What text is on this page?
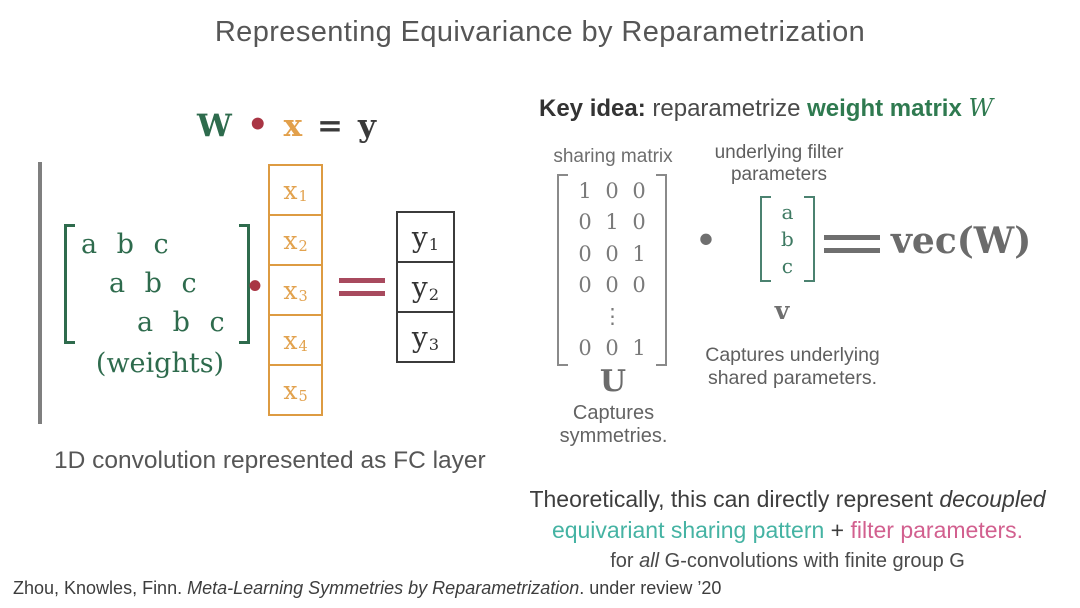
Representing Equivariance by Reparametrization
W • x = y
a b c
a b c
a b c
(weights)
•
x 1
x 2
x 3
x 4
x 5
y 1
y 2
y 3
1D convolution represented as FC layer
Key idea: reparametrize weight matrix W
sharing matrix
1 0 0
0 1 0
0 0 1
0 0 0
⋮
0 0 1
U
Captures
symmetries.
•
underlying filter
parameters
a
b
c
v
Captures underlying
shared parameters.
vec(W)
Theoretically, this can directly represent decoupled
equivariant sharing pattern + filter parameters.
for all G-convolutions with finite group G
Zhou, Knowles, Finn. Meta-Learning Symmetries by Reparametrization. under review ’20
